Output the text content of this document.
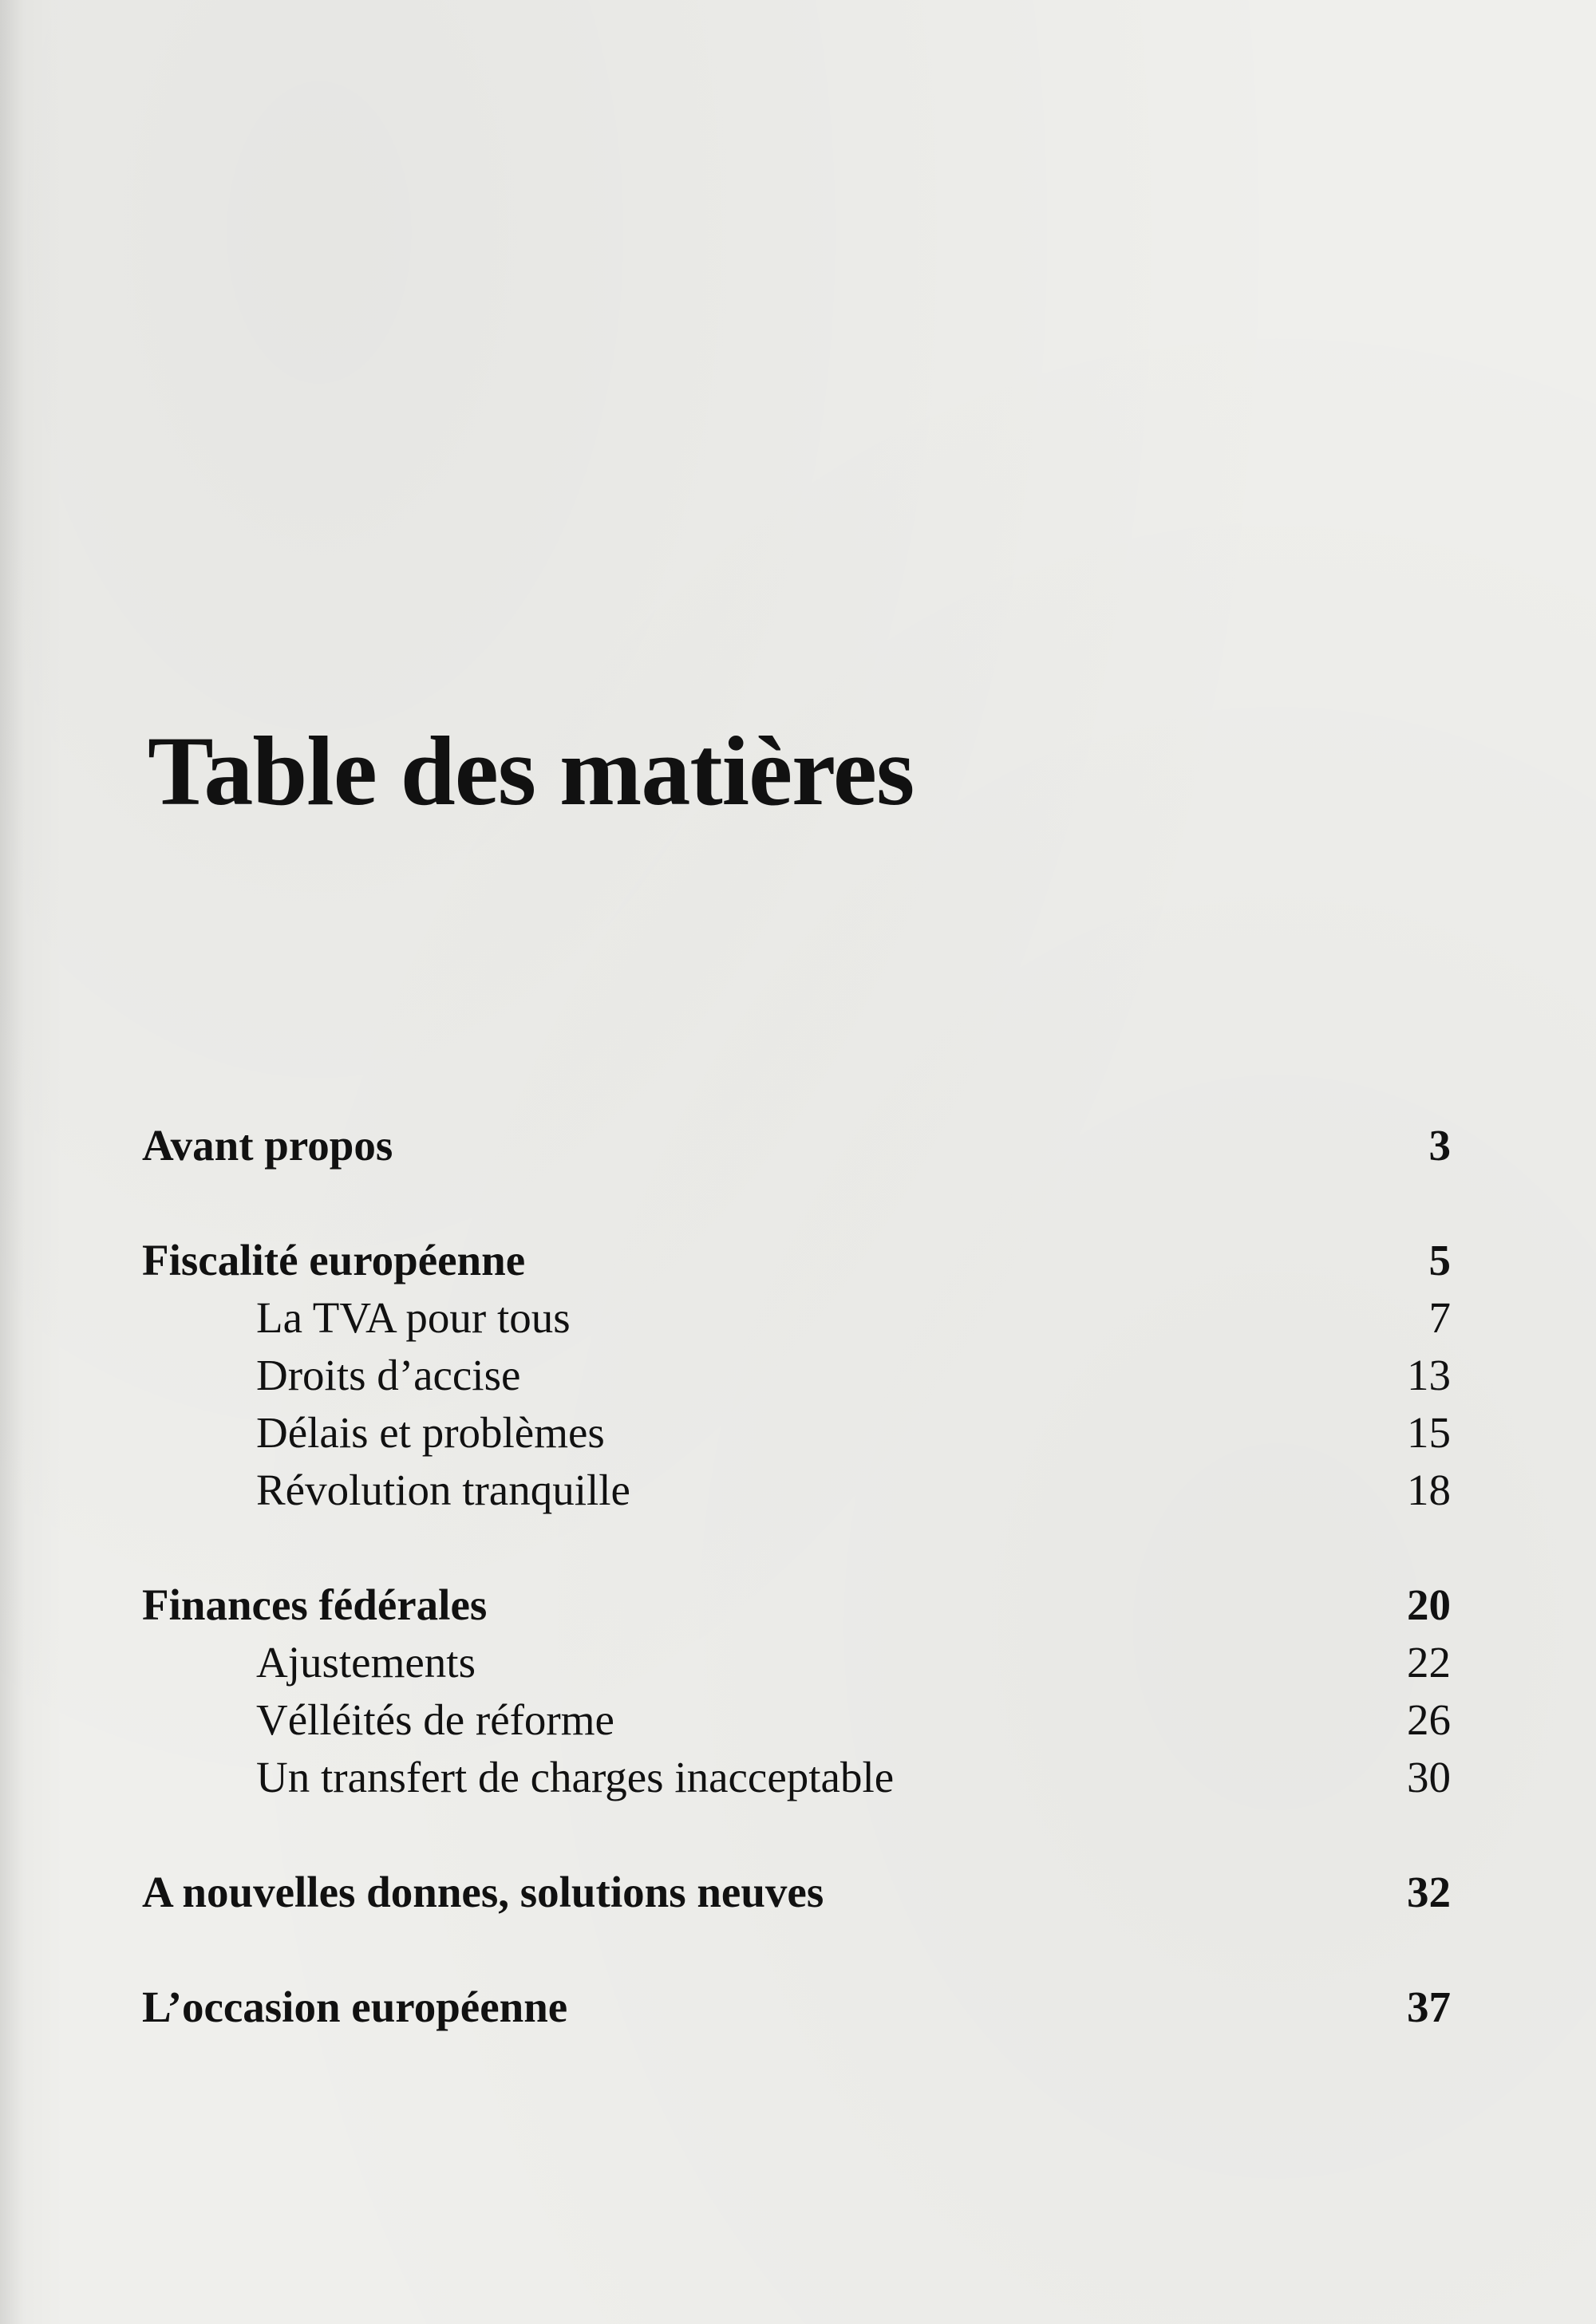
Table des matières
Avant propos	3
Fiscalité européenne	5
La TVA pour tous	7
Droits d’accise	13
Délais et problèmes	15
Révolution tranquille	18
Finances fédérales	20
Ajustements	22
Vélléités de réforme	26
Un transfert de charges inacceptable	30
A nouvelles donnes, solutions neuves	32
L’occasion européenne	37
